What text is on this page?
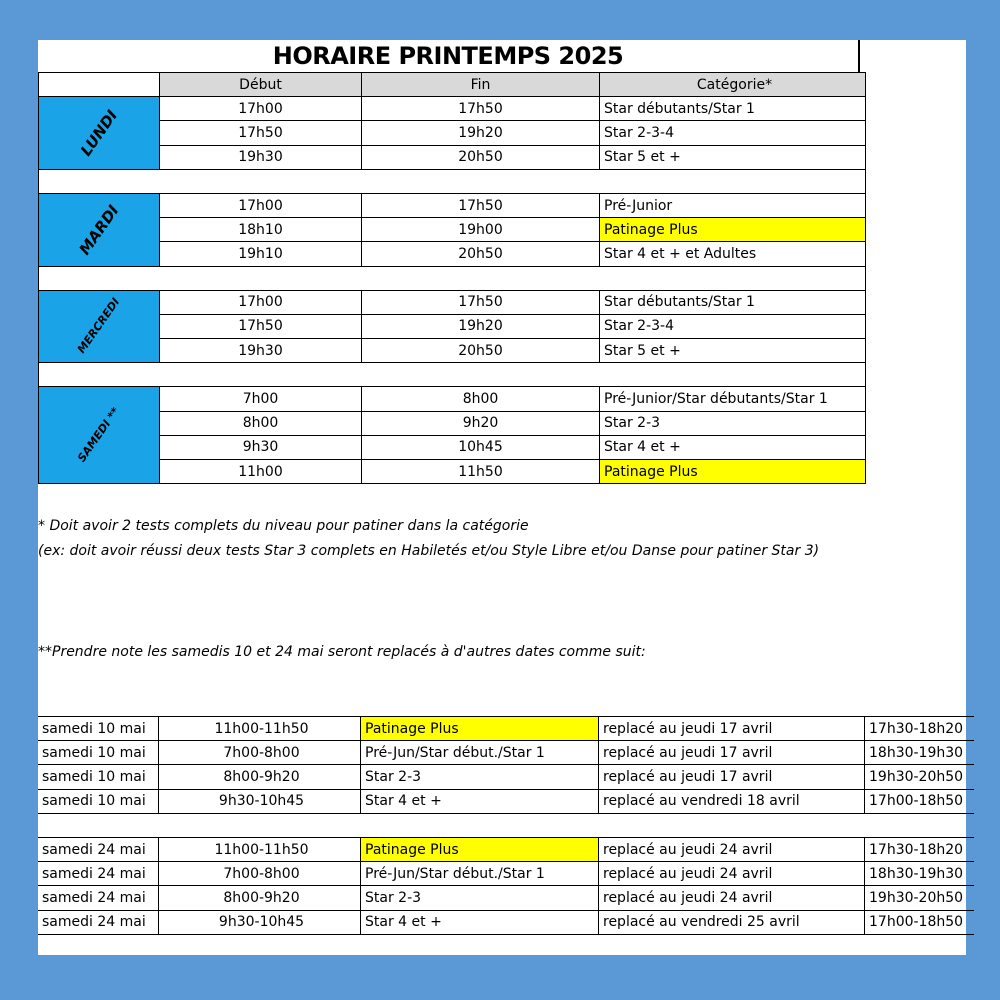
HORAIRE PRINTEMPS 2025
	Début	Fin	Catégorie*

LUNDI	17h00	17h50	Star débutants/Star 1
	17h50	19h20	Star 2-3-4
	19h30	20h50	Star 5 et +

MARDI	17h00	17h50	Pré-Junior
	18h10	19h00	Patinage Plus
	19h10	20h50	Star 4 et + et Adultes

MERCREDI	17h00	17h50	Star débutants/Star 1
	17h50	19h20	Star 2-3-4
	19h30	20h50	Star 5 et +

SAMEDI **	7h00	8h00	Pré-Junior/Star débutants/Star 1
	8h00	9h20	Star 2-3
	9h30	10h45	Star 4 et +
	11h00	11h50	Patinage Plus
* Doit avoir 2 tests complets du niveau pour patiner dans la catégorie
(ex: doit avoir réussi deux tests Star 3 complets en Habiletés et/ou Style Libre et/ou Danse pour patiner Star 3)
**Prendre note les samedis 10 et 24 mai seront replacés à d'autres dates comme suit:
samedi 10 mai	11h00-11h50	Patinage Plus	replacé au jeudi 17 avril	17h30-18h20
samedi 10 mai	7h00-8h00	Pré-Jun/Star début./Star 1	replacé au jeudi 17 avril	18h30-19h30
samedi 10 mai	8h00-9h20	Star 2-3	replacé au jeudi 17 avril	19h30-20h50
samedi 10 mai	9h30-10h45	Star 4 et +	replacé au vendredi 18 avril	17h00-18h50

samedi 24 mai	11h00-11h50	Patinage Plus	replacé au jeudi 24 avril	17h30-18h20
samedi 24 mai	7h00-8h00	Pré-Jun/Star début./Star 1	replacé au jeudi 24 avril	18h30-19h30
samedi 24 mai	8h00-9h20	Star 2-3	replacé au jeudi 24 avril	19h30-20h50
samedi 24 mai	9h30-10h45	Star 4 et +	replacé au vendredi 25 avril	17h00-18h50
